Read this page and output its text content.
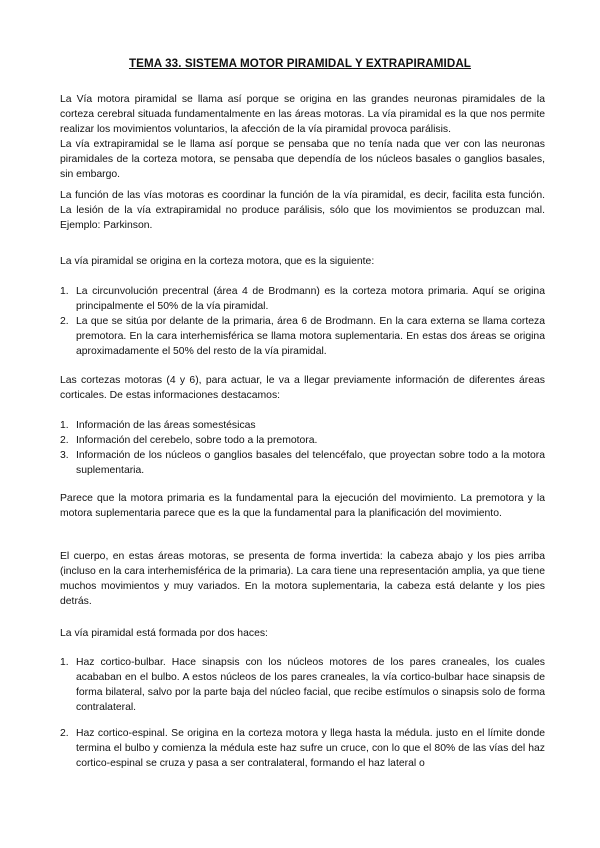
TEMA 33. SISTEMA MOTOR PIRAMIDAL Y EXTRAPIRAMIDAL

La Vía motora piramidal se llama así porque se origina en las grandes neuronas piramidales de la corteza cerebral situada fundamentalmente en las áreas motoras. La vía piramidal es la que nos permite realizar los movimientos voluntarios, la afección de la vía piramidal provoca parálisis.

La vía extrapiramidal se le llama así porque se pensaba que no tenía nada que ver con las neuronas piramidales de la corteza motora, se pensaba que dependía de los núcleos basales o ganglios basales, sin embargo.

La función de las vías motoras es coordinar la función de la vía piramidal, es decir, facilita esta función. La lesión de la vía extrapiramidal no produce parálisis, sólo que los movimientos se produzcan mal. Ejemplo: Parkinson.

La vía piramidal se origina en la corteza motora, que es la siguiente:

1. La circunvolución precentral (área 4 de Brodmann) es la corteza motora primaria. Aquí se origina principalmente el 50% de la vía piramidal.
2. La que se sitúa por delante de la primaria, área 6 de Brodmann. En la cara externa se llama corteza premotora. En la cara interhemisférica se llama motora suplementaria. En estas dos áreas se origina aproximadamente el 50% del resto de la vía piramidal.

Las cortezas motoras (4 y 6), para actuar, le va a llegar previamente información de diferentes áreas corticales. De estas informaciones destacamos:

1. Información de las áreas somestésicas
2. Información del cerebelo, sobre todo a la premotora.
3. Información de los núcleos o ganglios basales del telencéfalo, que proyectan sobre todo a la motora suplementaria.

Parece que la motora primaria es la fundamental para la ejecución del movimiento. La premotora y la motora suplementaria parece que es la que la fundamental para la planificación del movimiento.

El cuerpo, en estas áreas motoras, se presenta de forma invertida: la cabeza abajo y los pies arriba (incluso en la cara interhemisférica de la primaria). La cara tiene una representación amplia, ya que tiene muchos movimientos y muy variados. En la motora suplementaria, la cabeza está delante y los pies detrás.

La vía piramidal está formada por dos haces:

1. Haz cortico-bulbar. Hace sinapsis con los núcleos motores de los pares craneales, los cuales acababan en el bulbo. A estos núcleos de los pares craneales, la vía cortico-bulbar hace sinapsis de forma bilateral, salvo por la parte baja del núcleo facial, que recibe estímulos o sinapsis solo de forma contralateral.
2. Haz cortico-espinal. Se origina en la corteza motora y llega hasta la médula. justo en el límite donde termina el bulbo y comienza la médula este haz sufre un cruce, con lo que el 80% de las vías del haz cortico-espinal se cruza y pasa a ser contralateral, formando el haz lateral o
